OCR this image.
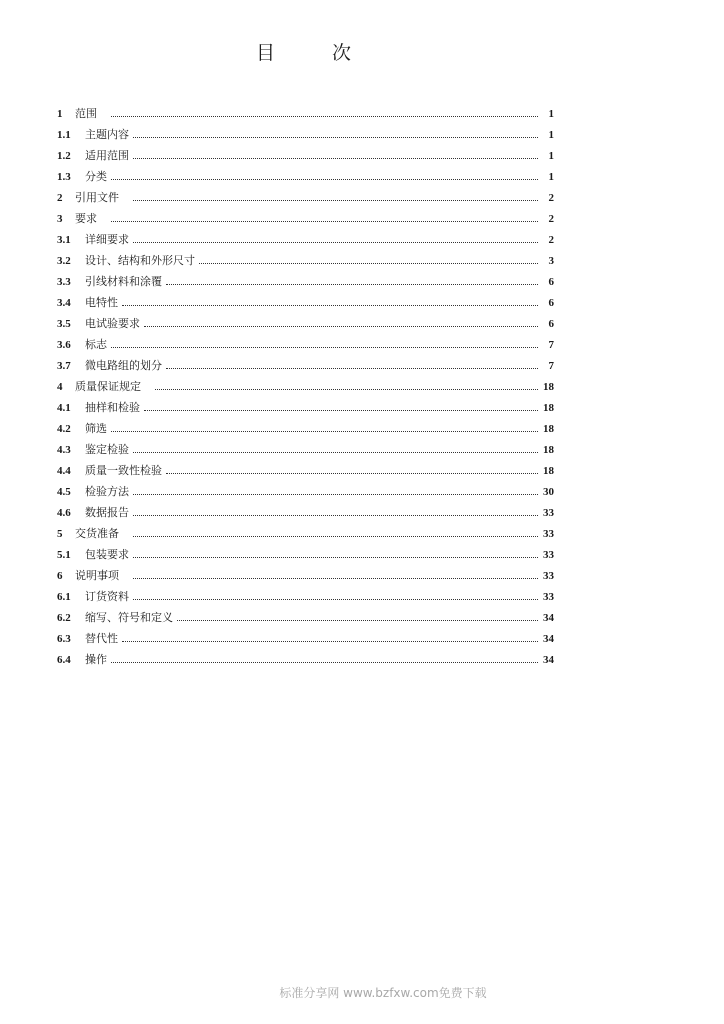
目	次
1	范围	1
1.1	主题内容	1
1.2	适用范围	1
1.3	分类	1
2	引用文件	2
3	要求	2
3.1	详细要求	2
3.2	设计、结构和外形尺寸	3
3.3	引线材料和涂覆	6
3.4	电特性	6
3.5	电试验要求	6
3.6	标志	7
3.7	微电路组的划分	7
4	质量保证规定	18
4.1	抽样和检验	18
4.2	筛选	18
4.3	鉴定检验	18
4.4	质量一致性检验	18
4.5	检验方法	30
4.6	数据报告	33
5	交货准备	33
5.1	包装要求	33
6	说明事项	33
6.1	订货资料	33
6.2	缩写、符号和定义	34
6.3	替代性	34
6.4	操作	34
标准分享网 www.bzfxw.com免费下载
